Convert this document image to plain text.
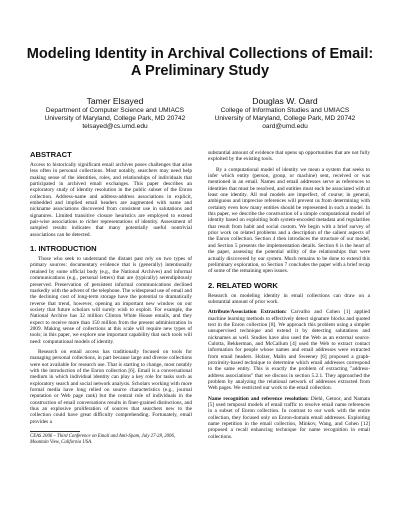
Modeling Identity in Archival Collections of Email:
A Preliminary Study
Tamer Elsayed
Department of Computer Science and UMIACS
University of Maryland, College Park, MD 20742
telsayed@cs.umd.edu
Douglas W. Oard
College of Information Studies and UMIACS
University of Maryland, College Park, MD 20742
oard@umd.edu
ABSTRACT

Access to historically significant email archives poses challenges that arise less often in personal collections. Most notably, searchers may need help making sense of the identities, roles, and relationships of individuals that participated in archived email exchanges. This paper describes an exploratory study of identity resolution in the public subset of the Enron collection. Address-name and address-address associations in explicit, embedded and implied email headers are augmented with name and nickname associations discovered from consistent use in salutations and signatures. Limited transitive closure heuristics are employed to extend pair-wise associations to richer representations of identity. Assessment of sampled results indicates that many potentially useful nontrivial associations can be detected.

1. INTRODUCTION

Those who seek to understand the distant past rely on two types of primary sources: documentary evidence that is (generally) intentionally retained by some official body (e.g., the National Archives) and informal communications (e.g., personal letters) that are (typically) serendipitously preserved. Preservation of persistent informal communications declined markedly with the advent of the telephone. The widespread use of email and the declining cost of long-term storage have the potential to dramatically reverse that trend, however, opening an important new window on our society that future scholars will surely wish to exploit. For example, the National Archive has 32 million Clinton White House emails, and they expect to receive more than 150 million from the present administration in 2009. Making sense of collections at this scale will require new types of tools; in this paper, we explore one important capability that such tools will need: computational models of identity.

Research on email access has traditionally focused on tools for managing personal collections, in part because large and diverse collections were not available for research use. That is starting to change, most notably with the introduction of the Enron collection [6]. Email is a conversational medium in which individual identity can play a key role for tasks such as exploratory search and social network analysis. Scholars working with more formal media have long relied on source characteristics (e.g., journal reputation or Web page rank) but the central role of individuals in the construction of email conversations results in finer-grained distinctions, and thus an explosive proliferation of sources that searchers new to the collection could have great difficulty comprehending. Fortunately, email provides a

CEAS 2006 – Third Conference on Email and Anti-Spam, July 27-28, 2006, Mountain View, California USA.

substantial amount of evidence that opens up opportunities that are not fully exploited by the existing tools.

By a computational model of identity we mean a system that seeks to infer which entity (person, group, or machine) sent, received or was mentioned in an email. Names and email addresses serve as references to identities that must be resolved, and entities must each be associated with at least one identity. All real models are imperfect, of course; in general, ambiguous and imprecise references will prevent us from determining with certainty even how many entities should be represented in such a model. In this paper, we describe the construction of a simple computational model of identity based on exploiting both system-encoded metadata and regularities that result from habit and social custom. We begin with a brief survey of prior work on related problems and a description of the salient aspects of the Enron collection. Section 4 then introduces the structure of our model, and Section 5 presents the implementation details. Section 6 is the heart of the paper, assessing the potential utility of the relationships that were actually discovered by our system. Much remains to be done to extend this preliminary exploration, so Section 7 concludes the paper with a brief recap of some of the remaining open issues.

2. RELATED WORK

Research on modeling identity in email collections can draw on a substantial amount of prior work.

Attribute/Association Extraction: Carvalho and Cohen [1] applied machine learning methods to effectively detect signature blocks and quoted text in the Enron collection [8]. We approach this problem using a simpler unsupervised technique and extend it by detecting salutations and nicknames as well. Studies have also used the Web as an external source. Culotta, Bekkerman, and McCallum [4] used the Web to extract contact information for people whose names and email addresses were extracted from email headers. Holzer, Malin and Sweeney [6] proposed a graph-proximity-based technique to determine which email addresses correspond to the same entity. This is exactly the problem of extracting "address-address associations" that we discuss in section 5.2.1. They approached the problem by analyzing the relational network of addresses extracted from Web pages. We restricted our work to the email collection.

Name recognition and reference resolution: Diehl, Getoor, and Namata [5] used temporal models of email traffic to resolve email name references in a subset of Enron collection. In contrast to our work with the entire collection, they focused only on Enron-domain email addresses. Exploiting name repetition in the email collection, Minkov, Wang, and Cohen [12] proposed a recall enhancing technique for name recognition in email collections.
